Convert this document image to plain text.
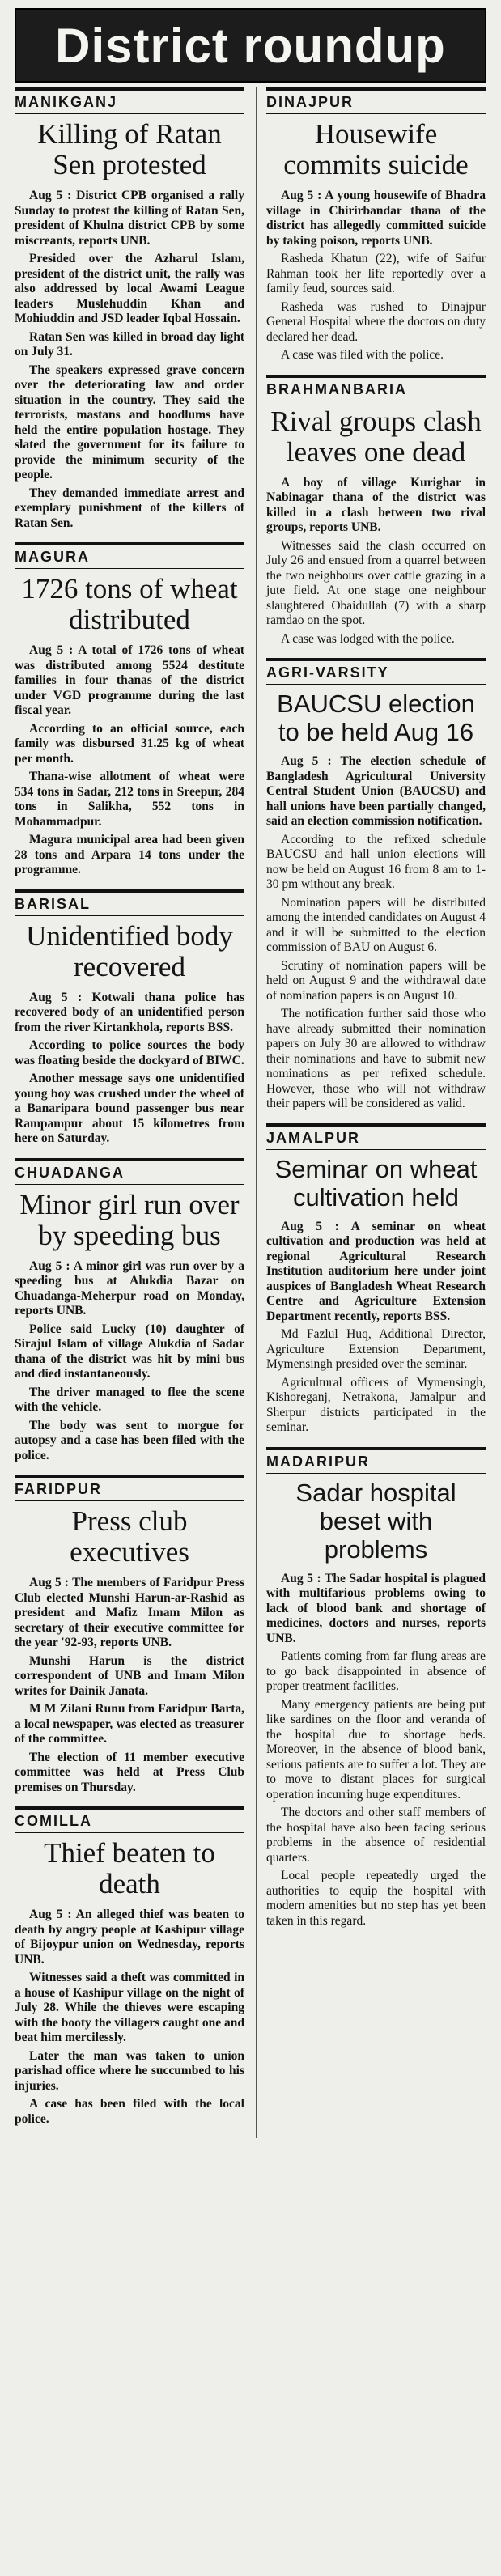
District roundup
MANIKGANJ
Killing of Ratan Sen protested

Aug 5 : District CPB organised a rally Sunday to protest the killing of Ratan Sen, president of Khulna district CPB by some miscreants, reports UNB.

Presided over the Azharul Islam, president of the district unit, the rally was also addressed by local Awami League leaders Muslehuddin Khan and Mohiuddin and JSD leader Iqbal Hossain.

Ratan Sen was killed in broad day light on July 31.

The speakers expressed grave concern over the deteriorating law and order situation in the country. They said the terrorists, mastans and hoodlums have held the entire population hostage. They slated the government for its failure to provide the minimum security of the people.

They demanded immediate arrest and exemplary punishment of the killers of Ratan Sen.

MAGURA
1726 tons of wheat distributed

Aug 5 : A total of 1726 tons of wheat was distributed among 5524 destitute families in four thanas of the district under VGD programme during the last fiscal year.

According to an official source, each family was disbursed 31.25 kg of wheat per month.

Thana-wise allotment of wheat were 534 tons in Sadar, 212 tons in Sreepur, 284 tons in Salikha, 552 tons in Mohammadpur.

Magura municipal area had been given 28 tons and Arpara 14 tons under the programme.

BARISAL
Unidentified body recovered

Aug 5 : Kotwali thana police has recovered body of an unidentified person from the river Kirtankhola, reports BSS.

According to police sources the body was floating beside the dockyard of BIWC.

Another message says one unidentified young boy was crushed under the wheel of a Banaripara bound passenger bus near Rampampur about 15 kilometres from here on Saturday.

CHUADANGA
Minor girl run over by speeding bus

Aug 5 : A minor girl was run over by a speeding bus at Alukdia Bazar on Chuadanga-Meherpur road on Monday, reports UNB.

Police said Lucky (10) daughter of Sirajul Islam of village Alukdia of Sadar thana of the district was hit by mini bus and died instantaneously.

The driver managed to flee the scene with the vehicle.

The body was sent to morgue for autopsy and a case has been filed with the police.

FARIDPUR
Press club executives

Aug 5 : The members of Faridpur Press Club elected Munshi Harun-ar-Rashid as president and Mafiz Imam Milon as secretary of their executive committee for the year '92-93, reports UNB.

Munshi Harun is the district correspondent of UNB and Imam Milon writes for Dainik Janata.

M M Zilani Runu from Faridpur Barta, a local newspaper, was elected as treasurer of the committee.

The election of 11 member executive committee was held at Press Club premises on Thursday.

COMILLA
Thief beaten to death

Aug 5 : An alleged thief was beaten to death by angry people at Kashipur village of Bijoypur union on Wednesday, reports UNB.

Witnesses said a theft was committed in a house of Kashipur village on the night of July 28. While the thieves were escaping with the booty the villagers caught one and beat him mercilessly.

Later the man was taken to union parishad office where he succumbed to his injuries.

A case has been filed with the local police.

DINAJPUR
Housewife commits suicide

Aug 5 : A young housewife of Bhadra village in Chirirbandar thana of the district has allegedly committed suicide by taking poison, reports UNB.

Rasheda Khatun (22), wife of Saifur Rahman took her life reportedly over a family feud, sources said.

Rasheda was rushed to Dinajpur General Hospital where the doctors on duty declared her dead.

A case was filed with the police.

BRAHMANBARIA
Rival groups clash leaves one dead

A boy of village Kurighar in Nabinagar thana of the district was killed in a clash between two rival groups, reports UNB.

Witnesses said the clash occurred on July 26 and ensued from a quarrel between the two neighbours over cattle grazing in a jute field. At one stage one neighbour slaughtered Obaidullah (7) with a sharp ramdao on the spot.

A case was lodged with the police.

AGRI-VARSITY
BAUCSU election to be held Aug 16

Aug 5 : The election schedule of Bangladesh Agricultural University Central Student Union (BAUCSU) and hall unions have been partially changed, said an election commission notification.

According to the refixed schedule BAUCSU and hall union elections will now be held on August 16 from 8 am to 1-30 pm without any break.

Nomination papers will be distributed among the intended candidates on August 4 and it will be submitted to the election commission of BAU on August 6.

Scrutiny of nomination papers will be held on August 9 and the withdrawal date of nomination papers is on August 10.

The notification further said those who have already submitted their nomination papers on July 30 are allowed to withdraw their nominations and have to submit new nominations as per refixed schedule. However, those who will not withdraw their papers will be considered as valid.

JAMALPUR
Seminar on wheat cultivation held

Aug 5 : A seminar on wheat cultivation and production was held at regional Agricultural Research Institution auditorium here under joint auspices of Bangladesh Wheat Research Centre and Agriculture Extension Department recently, reports BSS.

Md Fazlul Huq, Additional Director, Agriculture Extension Department, Mymensingh presided over the seminar.

Agricultural officers of Mymensingh, Kishoreganj, Netrakona, Jamalpur and Sherpur districts participated in the seminar.

MADARIPUR
Sadar hospital beset with problems

Aug 5 : The Sadar hospital is plagued with multifarious problems owing to lack of blood bank and shortage of medicines, doctors and nurses, reports UNB.

Patients coming from far flung areas are to go back disappointed in absence of proper treatment facilities.

Many emergency patients are being put like sardines on the floor and veranda of the hospital due to shortage beds. Moreover, in the absence of blood bank, serious patients are to suffer a lot. They are to move to distant places for surgical operation incurring huge expenditures.

The doctors and other staff members of the hospital have also been facing serious problems in the absence of residential quarters.

Local people repeatedly urged the authorities to equip the hospital with modern amenities but no step has yet been taken in this regard.
